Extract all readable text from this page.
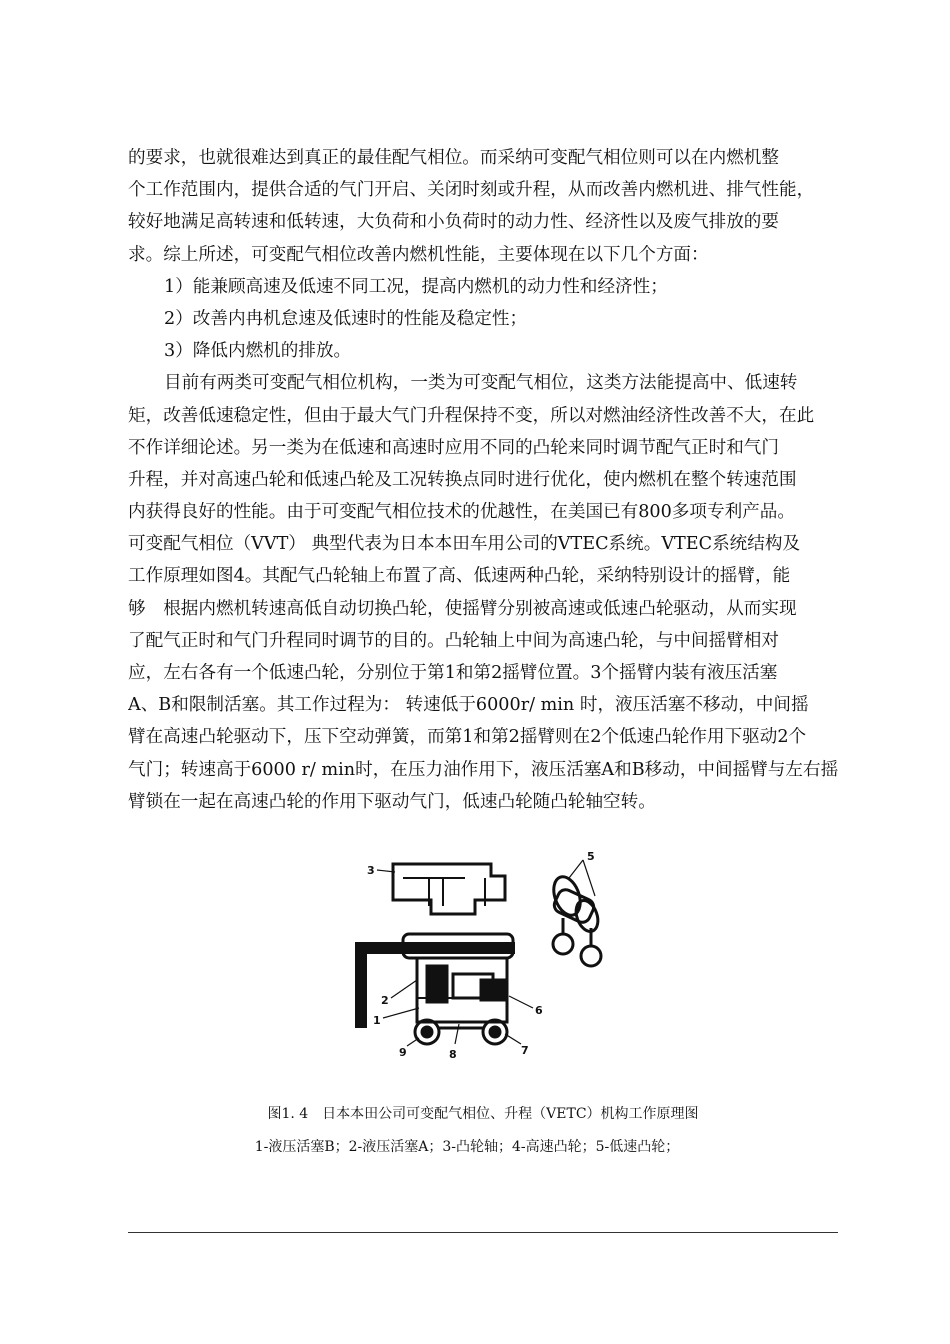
的要求，也就很难达到真正的最佳配气相位。而采纳可变配气相位则可以在内燃机整
个工作范围内，提供合适的气门开启、关闭时刻或升程，从而改善内燃机进、排气性能，
较好地满足高转速和低转速，大负荷和小负荷时的动力性、经济性以及废气排放的要
求。综上所述，可变配气相位改善内燃机性能，主要体现在以下几个方面：
1）能兼顾高速及低速不同工况，提高内燃机的动力性和经济性；
2）改善内冉机怠速及低速时的性能及稳定性；
3）降低内燃机的排放。
目前有两类可变配气相位机构，一类为可变配气相位，这类方法能提高中、低速转
矩，改善低速稳定性，但由于最大气门升程保持不变，所以对燃油经济性改善不大，在此
不作详细论述。另一类为在低速和高速时应用不同的凸轮来同时调节配气正时和气门
升程，并对高速凸轮和低速凸轮及工况转换点同时进行优化，使内燃机在整个转速范围
内获得良好的性能。由于可变配气相位技术的优越性，在美国已有800多项专利产品。
可变配气相位（VVT） 典型代表为日本本田车用公司的VTEC系统。VTEC系统结构及
工作原理如图4。其配气凸轮轴上布置了高、低速两种凸轮，采纳特别设计的摇臂，能
够　根据内燃机转速高低自动切换凸轮，使摇臂分别被高速或低速凸轮驱动，从而实现
了配气正时和气门升程同时调节的目的。凸轮轴上中间为高速凸轮，与中间摇臂相对
应，左右各有一个低速凸轮，分别位于第1和第2摇臂位置。3个摇臂内装有液压活塞
A、B和限制活塞。其工作过程为： 转速低于6000r/ min 时，液压活塞不移动，中间摇
臂在高速凸轮驱动下，压下空动弹簧，而第1和第2摇臂则在2个低速凸轮作用下驱动2个
气门；转速高于6000 r/ min时，在压力油作用下，液压活塞A和B移动，中间摇臂与左右摇
臂锁在一起在高速凸轮的作用下驱动气门，低速凸轮随凸轮轴空转。
3
5
2
1
6
7
8
9
图1. 4　日本本田公司可变配气相位、升程（VETC）机构工作原理图
1-液压活塞B；2-液压活塞A；3-凸轮轴；4-高速凸轮；5-低速凸轮；
